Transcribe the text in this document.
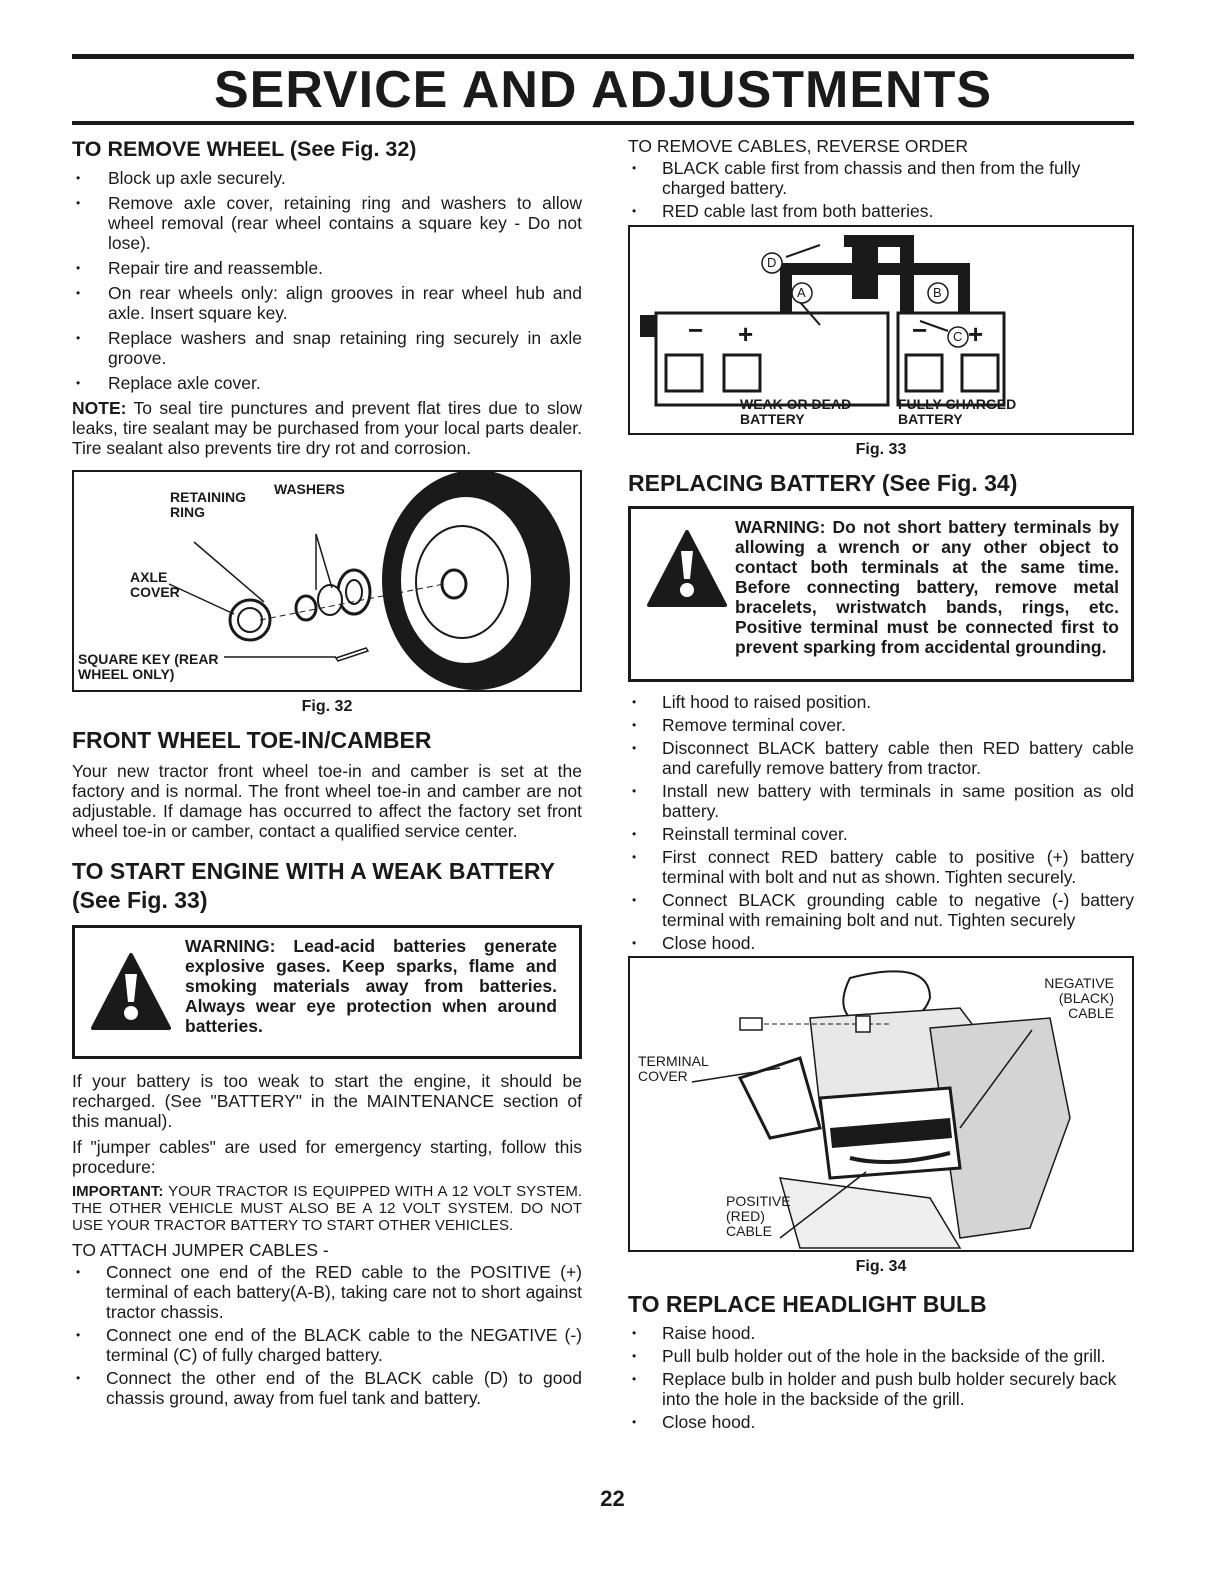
SERVICE AND ADJUSTMENTS
TO REMOVE WHEEL (See Fig. 32)
• Block up axle securely.
• Remove axle cover, retaining ring and washers to allow wheel removal (rear wheel contains a square key - Do not lose).
• Repair tire and reassemble.
• On rear wheels only: align grooves in rear wheel hub and axle. Insert square key.
• Replace washers and snap retaining ring securely in axle groove.
• Replace axle cover.

NOTE: To seal tire punctures and prevent flat tires due to slow leaks, tire sealant may be purchased from your local parts dealer. Tire sealant also prevents tire dry rot and corrosion.

RETAINING RING
WASHERS
AXLE COVER
SQUARE KEY (REAR WHEEL ONLY)
Fig. 32
FRONT WHEEL TOE-IN/CAMBER

Your new tractor front wheel toe-in and camber is set at the factory and is normal. The front wheel toe-in and camber are not adjustable. If damage has occurred to affect the factory set front wheel toe-in or camber, contact a qualified service center.

TO START ENGINE WITH A WEAK BATTERY (See Fig. 33)

WARNING: Lead-acid batteries generate explosive gases. Keep sparks, flame and smoking materials away from batteries. Always wear eye protection when around batteries.

If your battery is too weak to start the engine, it should be recharged. (See "BATTERY" in the MAINTENANCE section of this manual).

If "jumper cables" are used for emergency starting, follow this procedure:

IMPORTANT: YOUR TRACTOR IS EQUIPPED WITH A 12 VOLT SYSTEM. THE OTHER VEHICLE MUST ALSO BE A 12 VOLT SYSTEM. DO NOT USE YOUR TRACTOR BATTERY TO START OTHER VEHICLES.

TO ATTACH JUMPER CABLES -

• Connect one end of the RED cable to the POSITIVE (+) terminal of each battery(A-B), taking care not to short against tractor chassis.
• Connect one end of the BLACK cable to the NEGATIVE (-) terminal (C) of fully charged battery.
• Connect the other end of the BLACK cable (D) to good chassis ground, away from fuel tank and battery.

TO REMOVE CABLES, REVERSE ORDER

• BLACK cable first from chassis and then from the fully charged battery.
• RED cable last from both batteries.
− +	− +
D
A	B
C
WEAK OR DEAD BATTERY
FULLY CHARGED BATTERY
Fig. 33
REPLACING BATTERY (See Fig. 34)

WARNING: Do not short battery terminals by allowing a wrench or any other object to contact both terminals at the same time. Before connecting battery, remove metal bracelets, wristwatch bands, rings, etc. Positive terminal must be connected first to prevent sparking from accidental grounding.

• Lift hood to raised position.
• Remove terminal cover.
• Disconnect BLACK battery cable then RED battery cable and carefully remove battery from tractor.
• Install new battery with terminals in same position as old battery.
• Reinstall terminal cover.
• First connect RED battery cable to positive (+) battery terminal with bolt and nut as shown. Tighten securely.
• Connect BLACK grounding cable to negative (-) battery terminal with remaining bolt and nut. Tighten securely
• Close hood.
NEGATIVE (BLACK) CABLE
TERMINAL COVER
POSITIVE (RED) CABLE
Fig. 34
TO REPLACE HEADLIGHT BULB
• Raise hood.
• Pull bulb holder out of the hole in the backside of the grill.
• Replace bulb in holder and push bulb holder securely back into the hole in the backside of the grill.
• Close hood.
22
